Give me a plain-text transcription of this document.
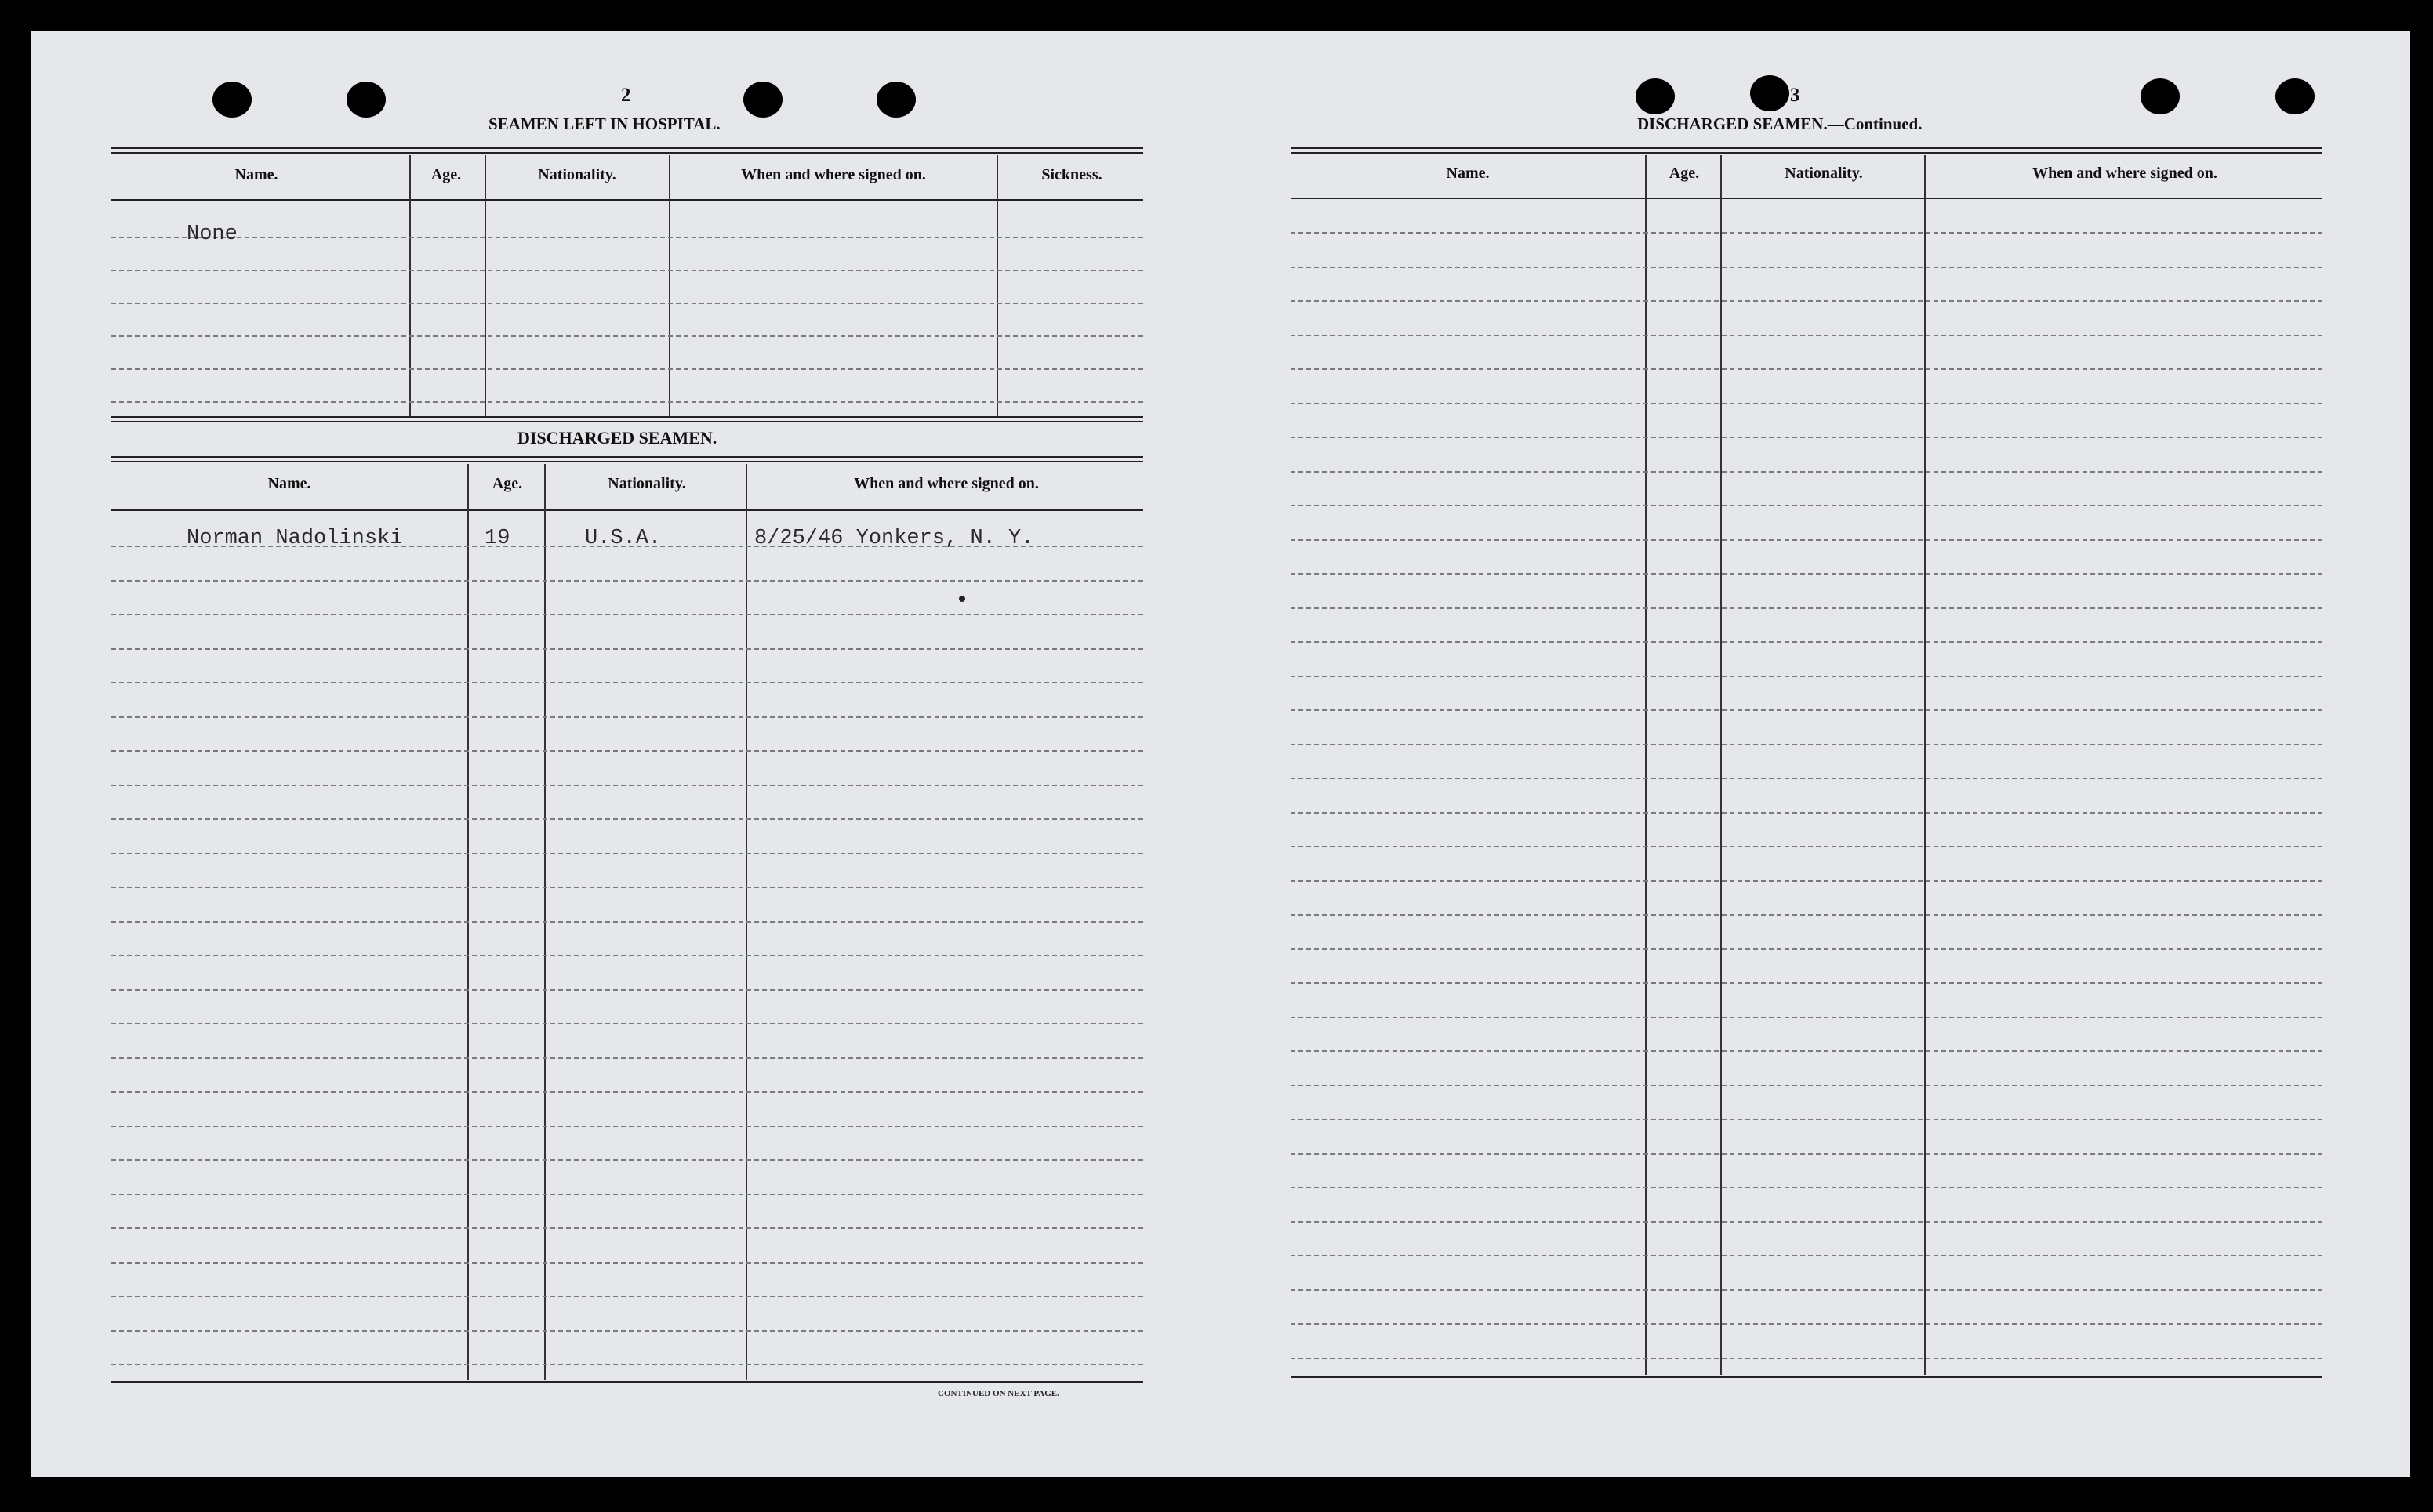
2
SEAMEN LEFT IN HOSPITAL.
Name.	Age.	Nationality.	When and where signed on.	Sickness.
None
DISCHARGED SEAMEN.
Name.	Age.	Nationality.	When and where signed on.
Norman Nadolinski	19	U.S.A.	8/25/46 Yonkers, N. Y.
CONTINUED ON NEXT PAGE.
3
DISCHARGED SEAMEN.—Continued.
Name.	Age.	Nationality.	When and where signed on.
